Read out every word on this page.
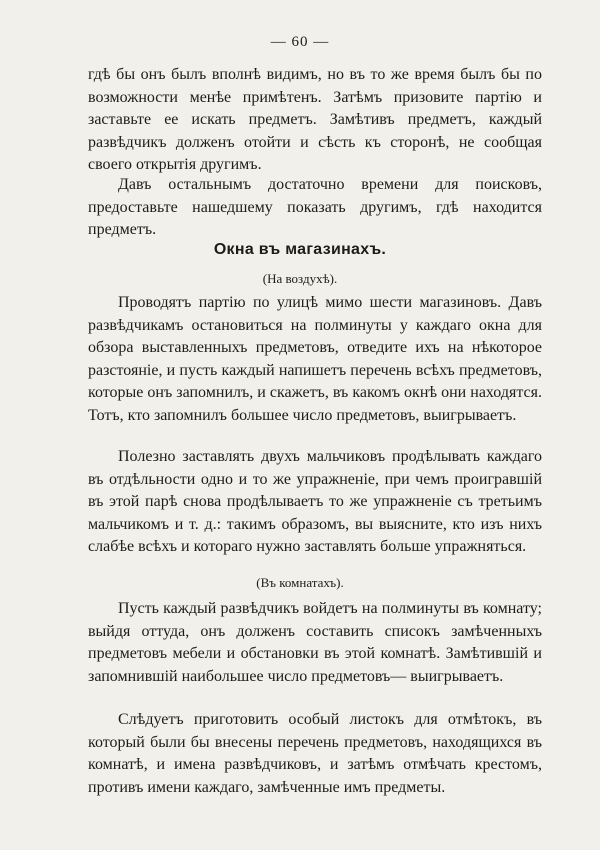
— 60 —

гдѣ бы онъ былъ вполнѣ видимъ, но въ то же время былъ бы по возможности менѣе примѣтенъ. Затѣмъ призовите партію и заставьте ее искать предметъ. Замѣтивъ предметъ, каждый развѣдчикъ долженъ отойти и сѣсть къ сторонѣ, не сообщая своего открытія другимъ.

Давъ остальнымъ достаточно времени для поисковъ, предоставьте нашедшему показать другимъ, гдѣ находится предметъ.

Окна въ магазинахъ.
(На воздухѣ).

Проводятъ партію по улицѣ мимо шести магазиновъ. Давъ развѣдчикамъ остановиться на полминуты у каждаго окна для обзора выставленныхъ предметовъ, отведите ихъ на нѣкоторое разстояніе, и пусть каждый напишетъ перечень всѣхъ предметовъ, которые онъ запомнилъ, и скажетъ, въ какомъ окнѣ они находятся. Тотъ, кто запомнилъ большее число предметовъ, выигрываетъ.

Полезно заставлять двухъ мальчиковъ продѣлывать каждаго въ отдѣльности одно и то же упражненіе, при чемъ проигравшій въ этой парѣ снова продѣлываетъ то же упражненіе съ третьимъ мальчикомъ и т. д.: такимъ образомъ, вы выясните, кто изъ нихъ слабѣе всѣхъ и котораго нужно заставлять больше упражняться.

(Въ комнатахъ).

Пусть каждый развѣдчикъ войдетъ на полминуты въ комнату; выйдя оттуда, онъ долженъ составить списокъ замѣченныхъ предметовъ мебели и обстановки въ этой комнатѣ. Замѣтившій и запомнившій наибольшее число предметовъ— выигрываетъ.

Слѣдуетъ приготовить особый листокъ для отмѣтокъ, въ который были бы внесены перечень предметовъ, находящихся въ комнатѣ, и имена развѣдчиковъ, и затѣмъ отмѣчать крестомъ, противъ имени каждаго, замѣченные имъ предметы.
